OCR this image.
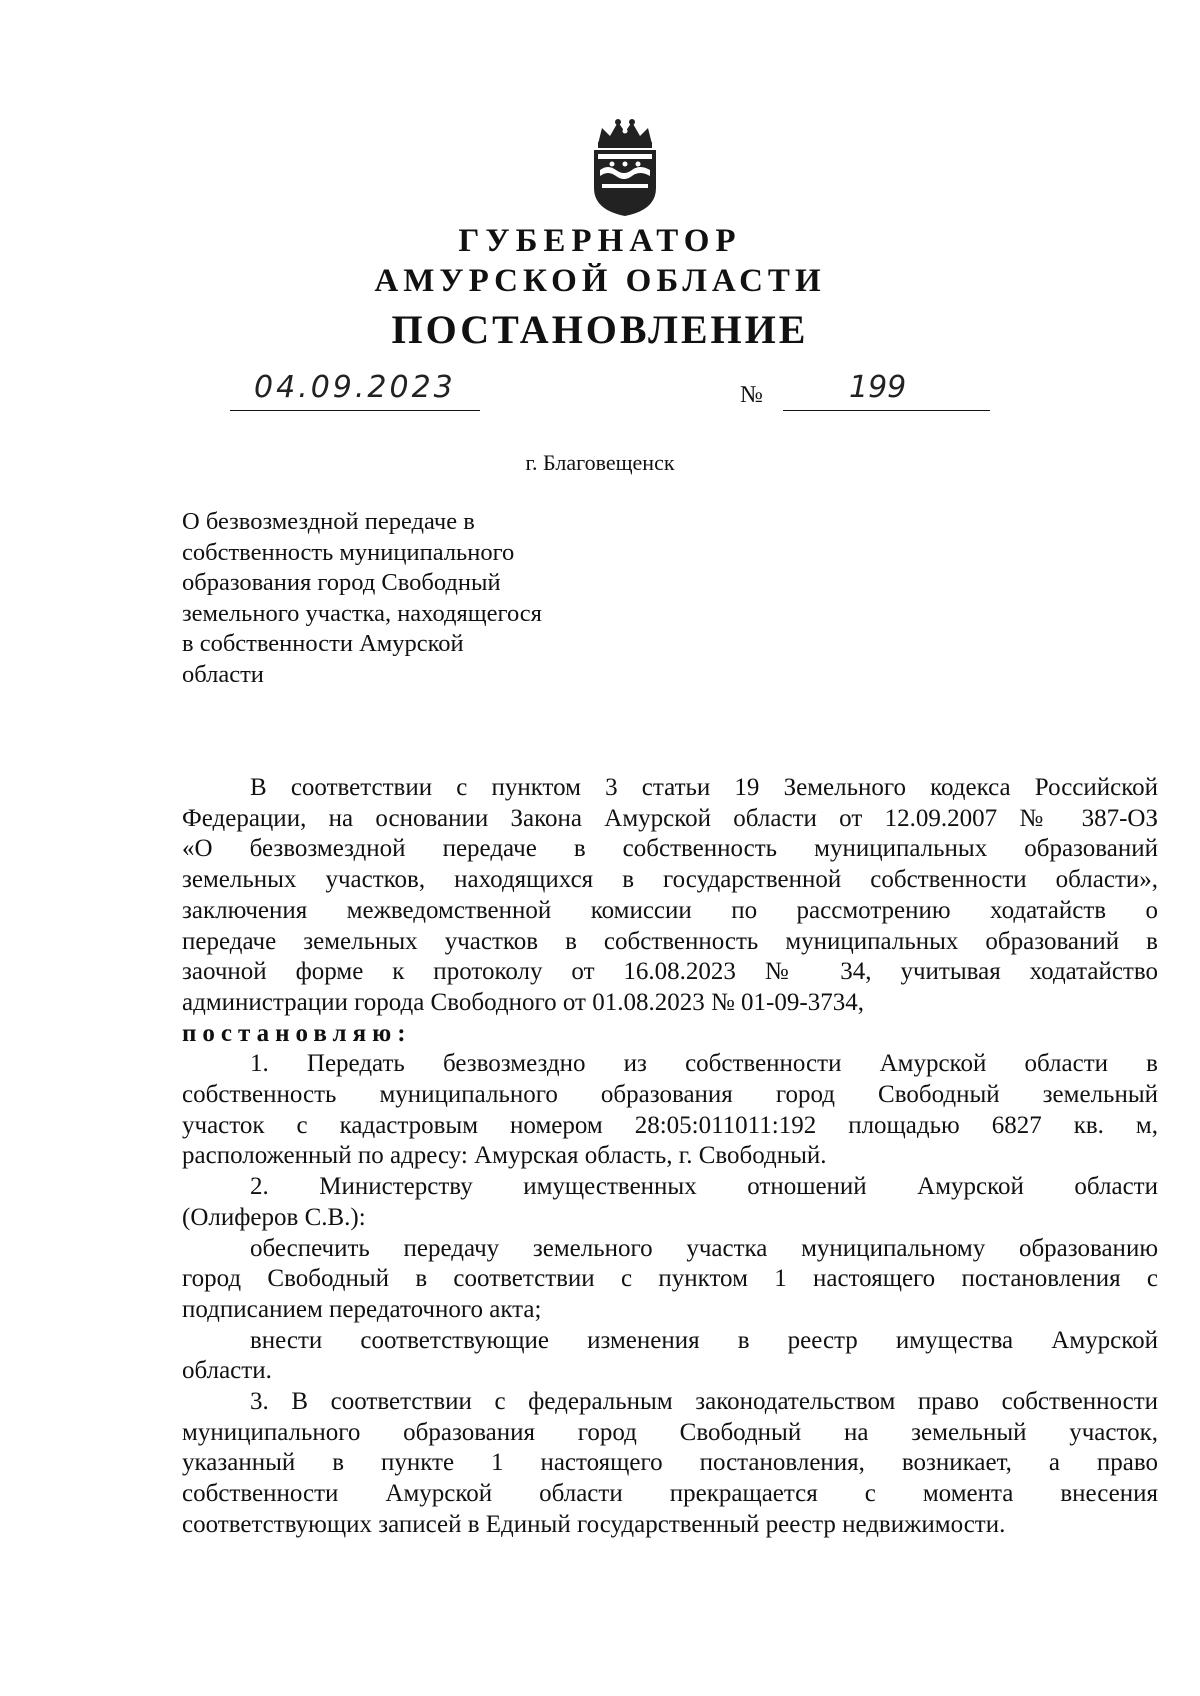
ГУБЕРНАТОР
АМУРСКОЙ ОБЛАСТИ
ПОСТАНОВЛЕНИЕ
04.09.2023	№	199
г. Благовещенск
О безвозмездной передаче в
собственность муниципального
образования город Свободный
земельного участка, находящегося
в собственности Амурской
области
В соответствии с пунктом 3 статьи 19 Земельного кодекса Российской
Федерации, на основании Закона Амурской области от 12.09.2007 № 387-ОЗ
«О безвозмездной передаче в собственность муниципальных образований
земельных участков, находящихся в государственной собственности области»,
заключения межведомственной комиссии по рассмотрению ходатайств о
передаче земельных участков в собственность муниципальных образований в
заочной форме к протоколу от 16.08.2023 № 34, учитывая ходатайство
администрации города Свободного от 01.08.2023 № 01-09-3734,
постановляю:
1. Передать безвозмездно из собственности Амурской области в
собственность муниципального образования город Свободный земельный
участок с кадастровым номером 28:05:011011:192 площадью 6827 кв. м,
расположенный по адресу: Амурская область, г. Свободный.
2. Министерству имущественных отношений Амурской области
(Олиферов С.В.):
обеспечить передачу земельного участка муниципальному образованию
город Свободный в соответствии с пунктом 1 настоящего постановления с
подписанием передаточного акта;
внести соответствующие изменения в реестр имущества Амурской
области.
3. В соответствии с федеральным законодательством право собственности
муниципального образования город Свободный на земельный участок,
указанный в пункте 1 настоящего постановления, возникает, а право
собственности Амурской области прекращается с момента внесения
соответствующих записей в Единый государственный реестр недвижимости.
